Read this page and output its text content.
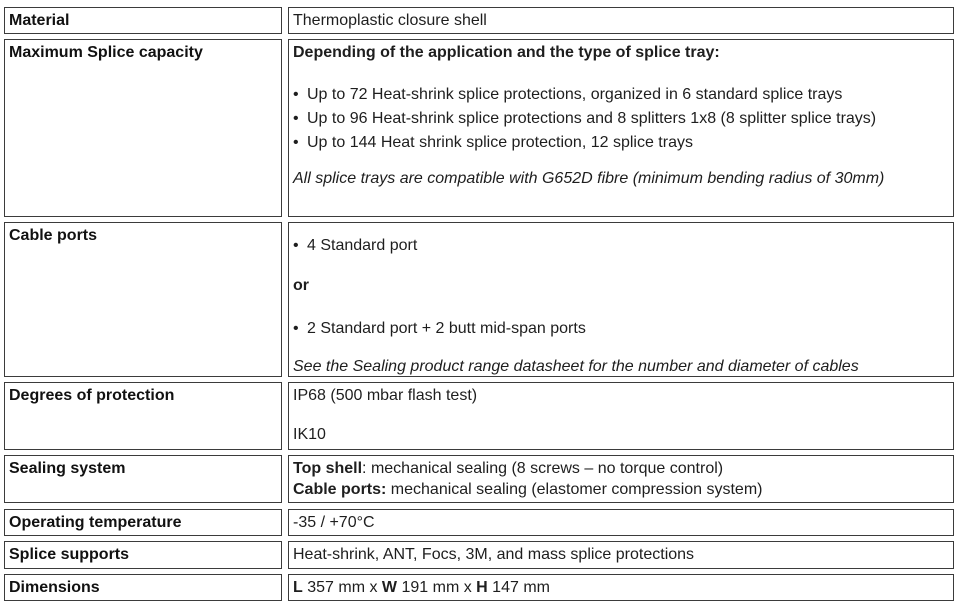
Material	Thermoplastic closure shell
Maximum Splice capacity	Depending of the application and the type of splice tray:
• Up to 72 Heat-shrink splice protections, organized in 6 standard splice trays
• Up to 96 Heat-shrink splice protections and 8 splitters 1x8 (8 splitter splice trays)
• Up to 144 Heat shrink splice protection, 12 splice trays
All splice trays are compatible with G652D fibre (minimum bending radius of 30mm)
Cable ports
• 4 Standard port
or
• 2 Standard port + 2 butt mid-span ports
See the Sealing product range datasheet for the number and diameter of cables
Degrees of protection	IP68 (500 mbar flash test)
IK10
Sealing system	Top shell: mechanical sealing (8 screws – no torque control)
Cable ports: mechanical sealing (elastomer compression system)
Operating temperature	-35 / +70°C
Splice supports	Heat-shrink, ANT, Focs, 3M, and mass splice protections
Dimensions	L 357 mm x W 191 mm x H 147 mm
